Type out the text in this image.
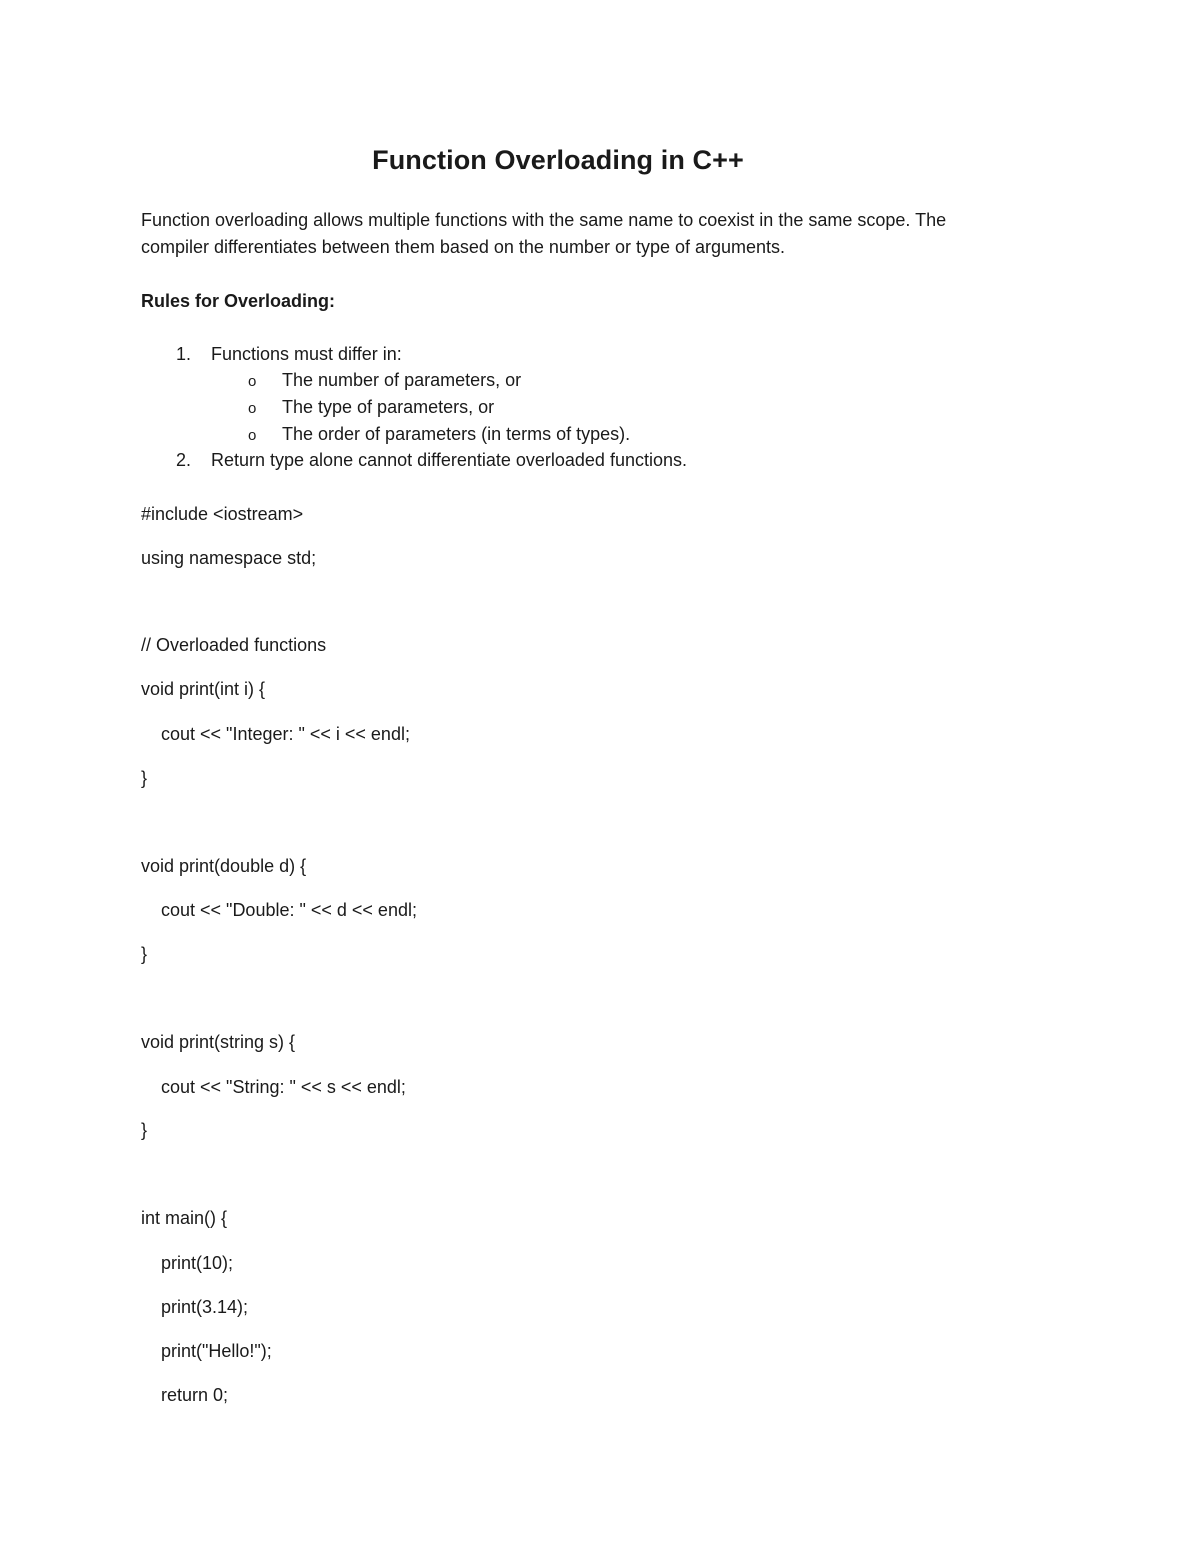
Function Overloading in C++
Function overloading allows multiple functions with the same name to coexist in the same scope. The
compiler differentiates between them based on the number or type of arguments.
Rules for Overloading:
1. Functions must differ in:
o The number of parameters, or
o The type of parameters, or
o The order of parameters (in terms of types).
2. Return type alone cannot differentiate overloaded functions.
#include <iostream>
using namespace std;
// Overloaded functions
void print(int i) {
cout << "Integer: " << i << endl;
}
void print(double d) {
cout << "Double: " << d << endl;
}
void print(string s) {
cout << "String: " << s << endl;
}
int main() {
print(10);
print(3.14);
print("Hello!");
return 0;
